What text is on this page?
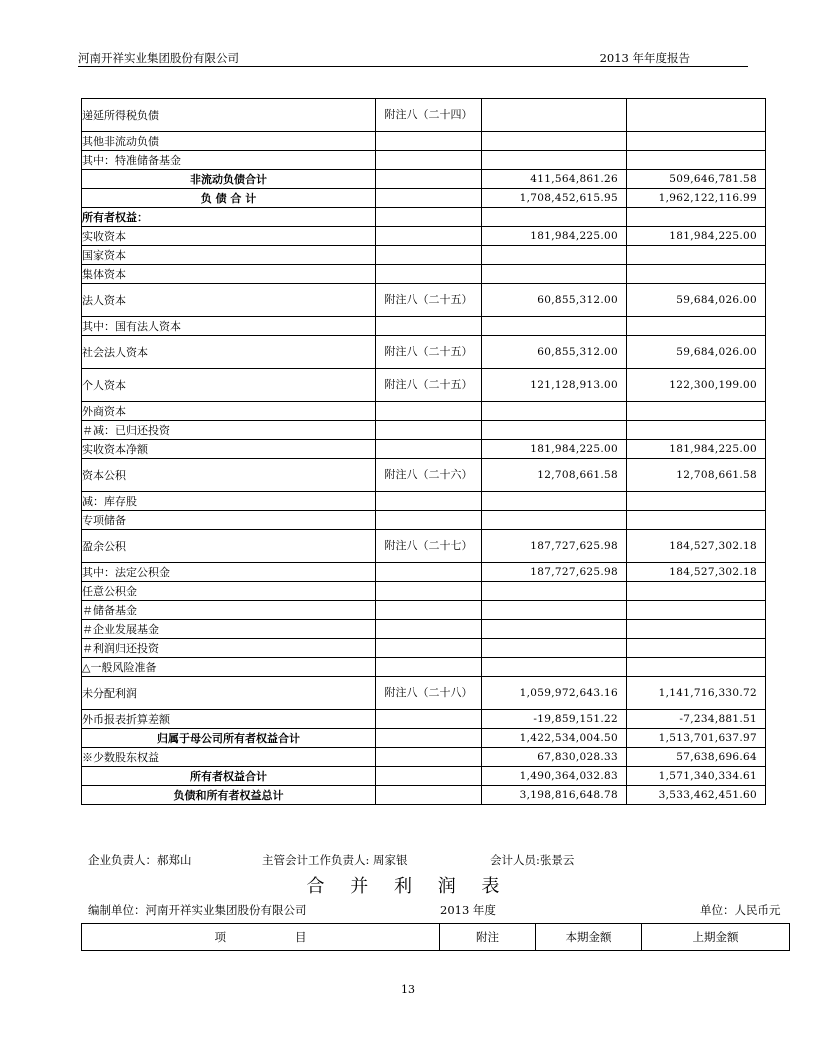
河南开祥实业集团股份有限公司	2013 年年度报告
递延所得税负债	附注八（二十四）		
其他非流动负债			
其中：特准储备基金			
非流动负债合计		411,564,861.26	509,646,781.58
负 债 合 计		1,708,452,615.95	1,962,122,116.99
所有者权益：			
实收资本		181,984,225.00	181,984,225.00
国家资本			
集体资本			
法人资本	附注八（二十五）	60,855,312.00	59,684,026.00
其中：国有法人资本			
社会法人资本	附注八（二十五）	60,855,312.00	59,684,026.00
个人资本	附注八（二十五）	121,128,913.00	122,300,199.00
外商资本			
＃减：已归还投资			
实收资本净额		181,984,225.00	181,984,225.00
资本公积	附注八（二十六）	12,708,661.58	12,708,661.58
减：库存股			
专项储备			
盈余公积	附注八（二十七）	187,727,625.98	184,527,302.18
其中：法定公积金		187,727,625.98	184,527,302.18
任意公积金			
＃储备基金			
＃企业发展基金			
＃利润归还投资			
△一般风险准备			
未分配利润	附注八（二十八）	1,059,972,643.16	1,141,716,330.72
外币报表折算差额		-19,859,151.22	-7,234,881.51
归属于母公司所有者权益合计		1,422,534,004.50	1,513,701,637.97
※少数股东权益		67,830,028.33	57,638,696.64
所有者权益合计		1,490,364,032.83	1,571,340,334.61
负债和所有者权益总计		3,198,816,648.78	3,533,462,451.60
企业负责人：郝郑山	主管会计工作负责人: 周家银	会计人员:张景云
合 并 利 润 表
编制单位：河南开祥实业集团股份有限公司	2013 年度	单位：人民币元
项　　　　　　目	附注	本期金额	上期金额
13
